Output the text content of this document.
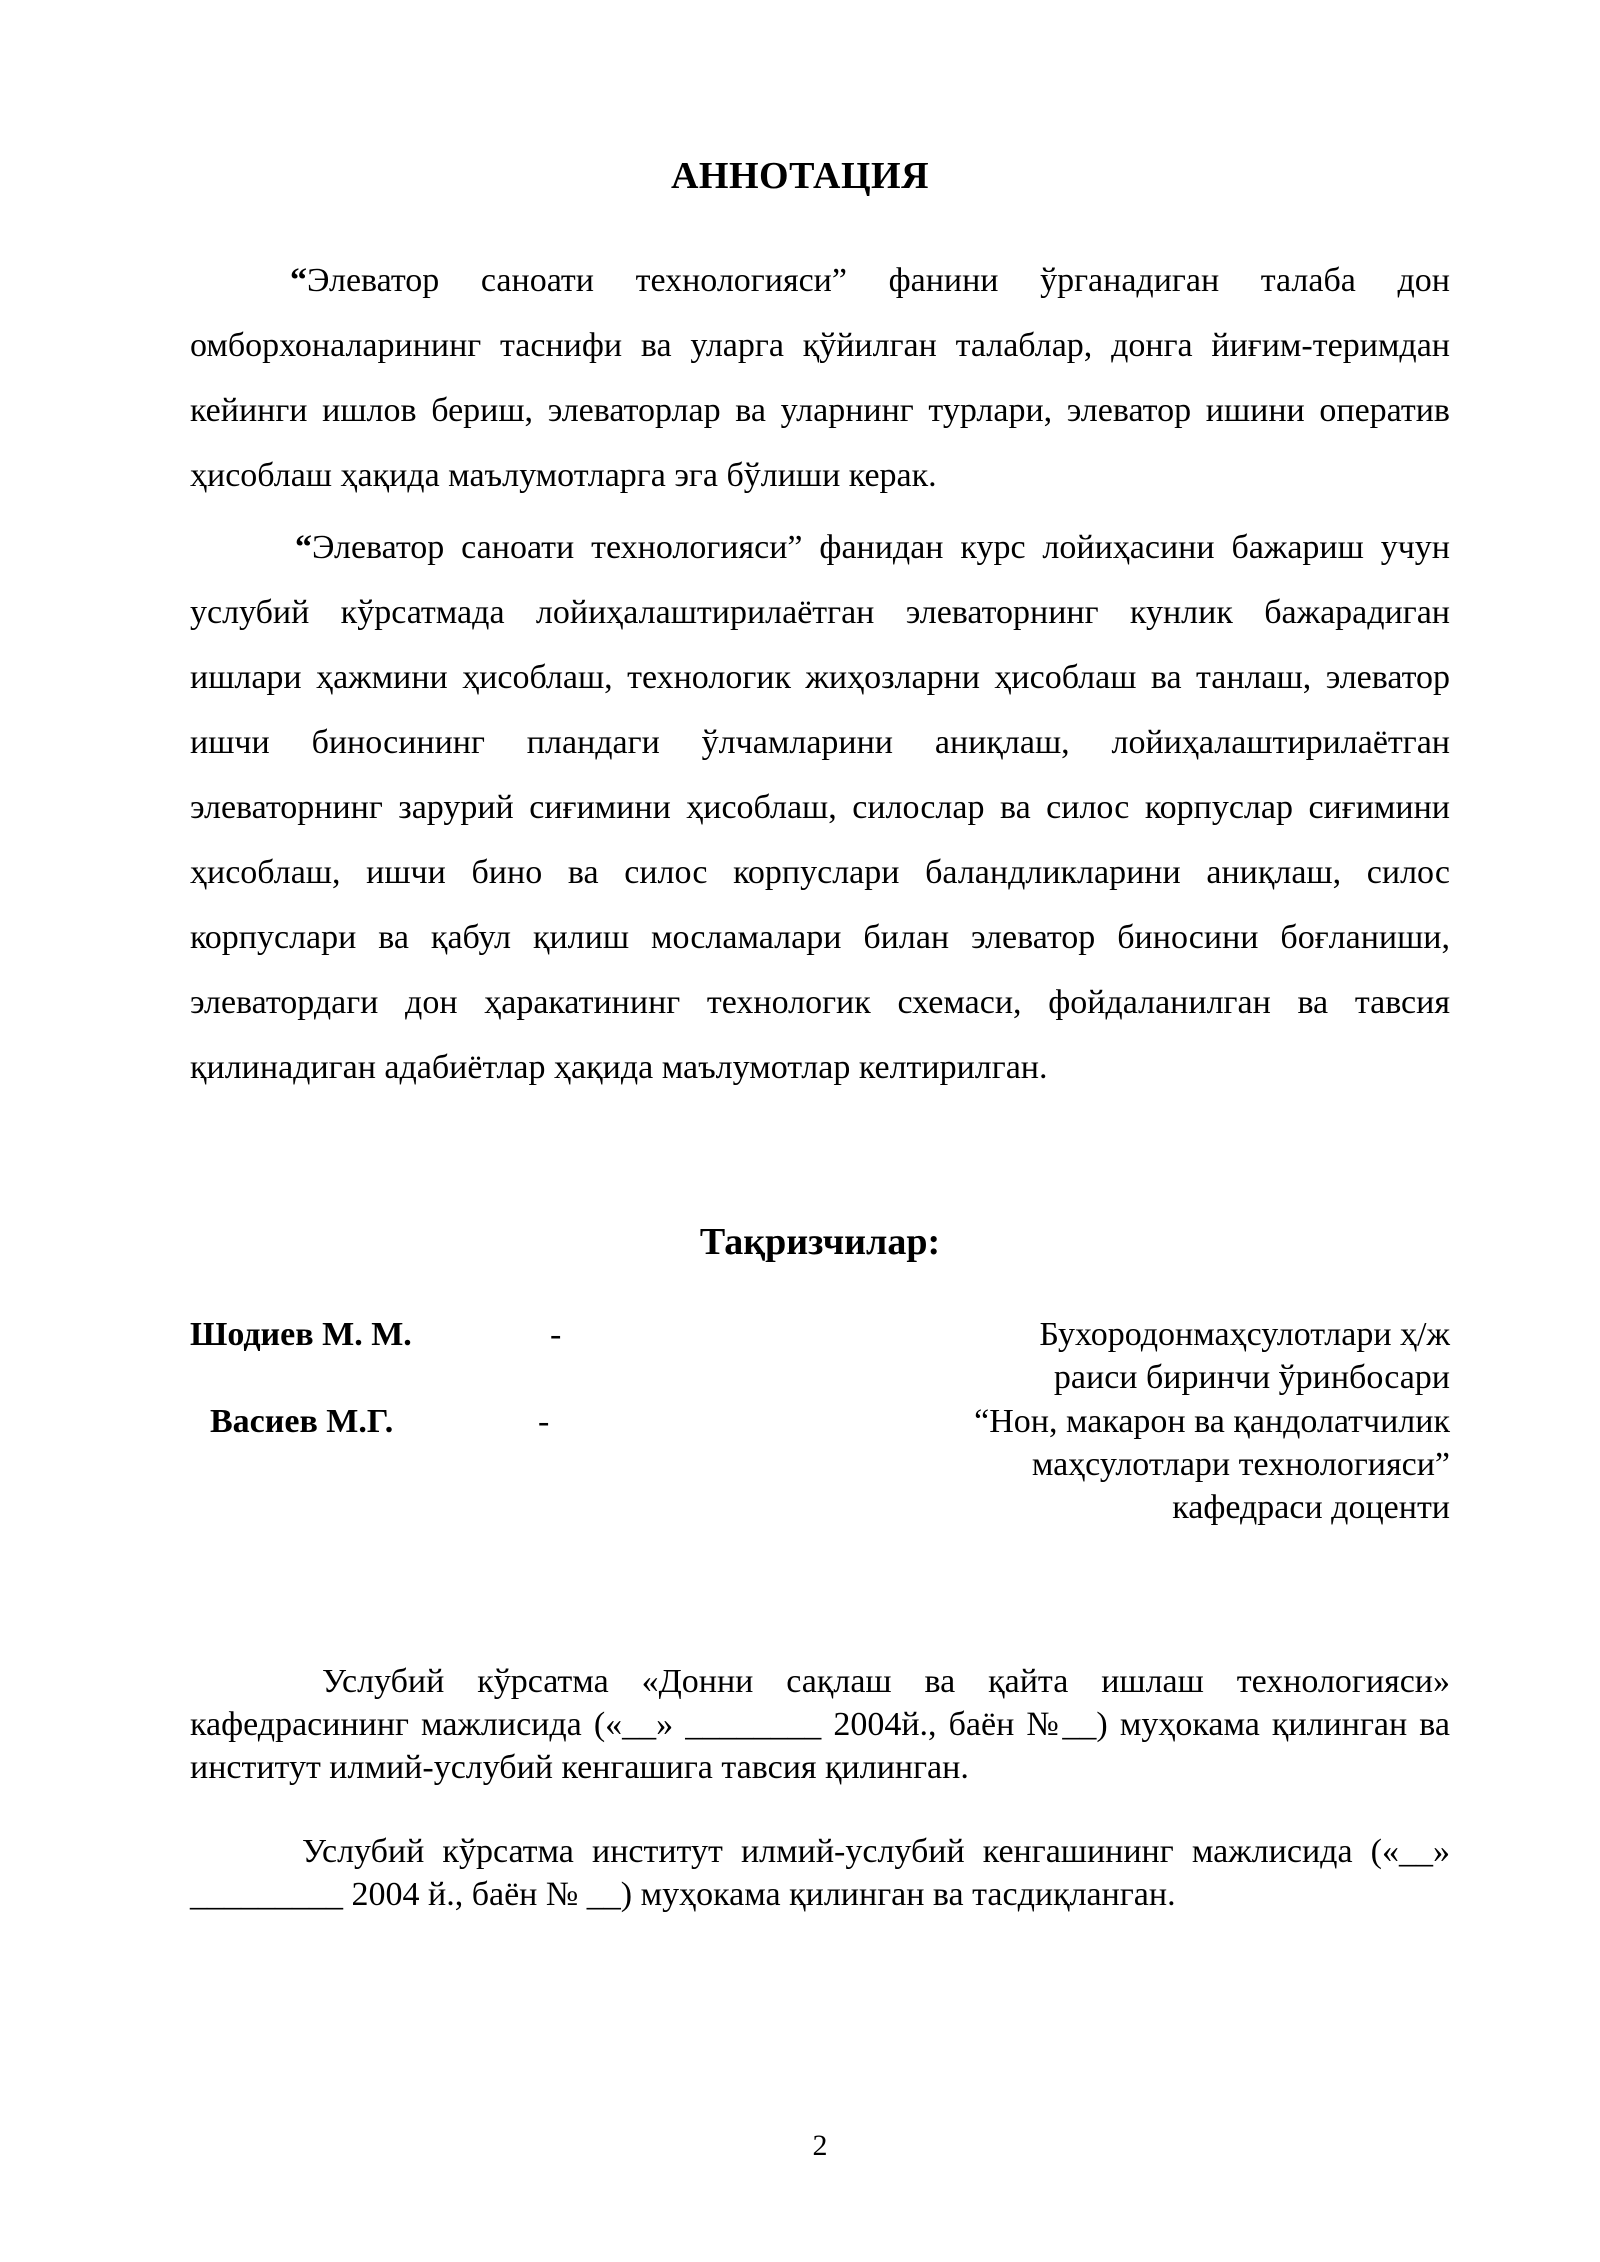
АННОТАЦИЯ

“Элеватор саноати технологияси” фанини ўрганадиган талаба дон омборхоналарининг таснифи ва уларга қўйилган талаблар, донга йиғим-теримдан кейинги ишлов бериш, элеваторлар ва уларнинг турлари, элеватор ишини оператив ҳисоблаш ҳақида маълумотларга эга бўлиши керак.

“Элеватор саноати технологияси” фанидан курс лойиҳасини бажариш учун услубий кўрсатмада лойиҳалаштирилаётган элеваторнинг кунлик бажарадиган ишлари ҳажмини ҳисоблаш, технологик жиҳозларни ҳисоблаш ва танлаш, элеватор ишчи биносининг пландаги ўлчамларини аниқлаш, лойиҳалаштирилаётган элеваторнинг зарурий сиғимини ҳисоблаш, силослар ва силос корпуслар сиғимини ҳисоблаш, ишчи бино ва силос корпуслари баландликларини аниқлаш, силос корпуслари ва қабул қилиш мосламалари билан элеватор биносини боғланиши, элеватордаги дон ҳаракатининг технологик схемаси, фойдаланилган ва тавсия қилинадиган адабиётлар ҳақида маълумотлар келтирилган.

Тақризчилар:
Шодиев М. М.	-	Бухородонмаҳсулотлари ҳ/ж
раиси биринчи ўринбосари
Васиев М.Г.	-	“Нон, макарон ва қандолатчилик
маҳсулотлари технологияси”
кафедраси доценти

Услубий кўрсатма «Донни сақлаш ва қайта ишлаш технологияси» кафедрасининг мажлисида («__» ________ 2004й., баён №__) муҳокама қилинган ва институт илмий-услубий кенгашига тавсия қилинган.

Услубий кўрсатма институт илмий-услубий кенгашининг мажлисида («__» _________ 2004 й., баён № __) муҳокама қилинган ва тасдиқланган.

2
